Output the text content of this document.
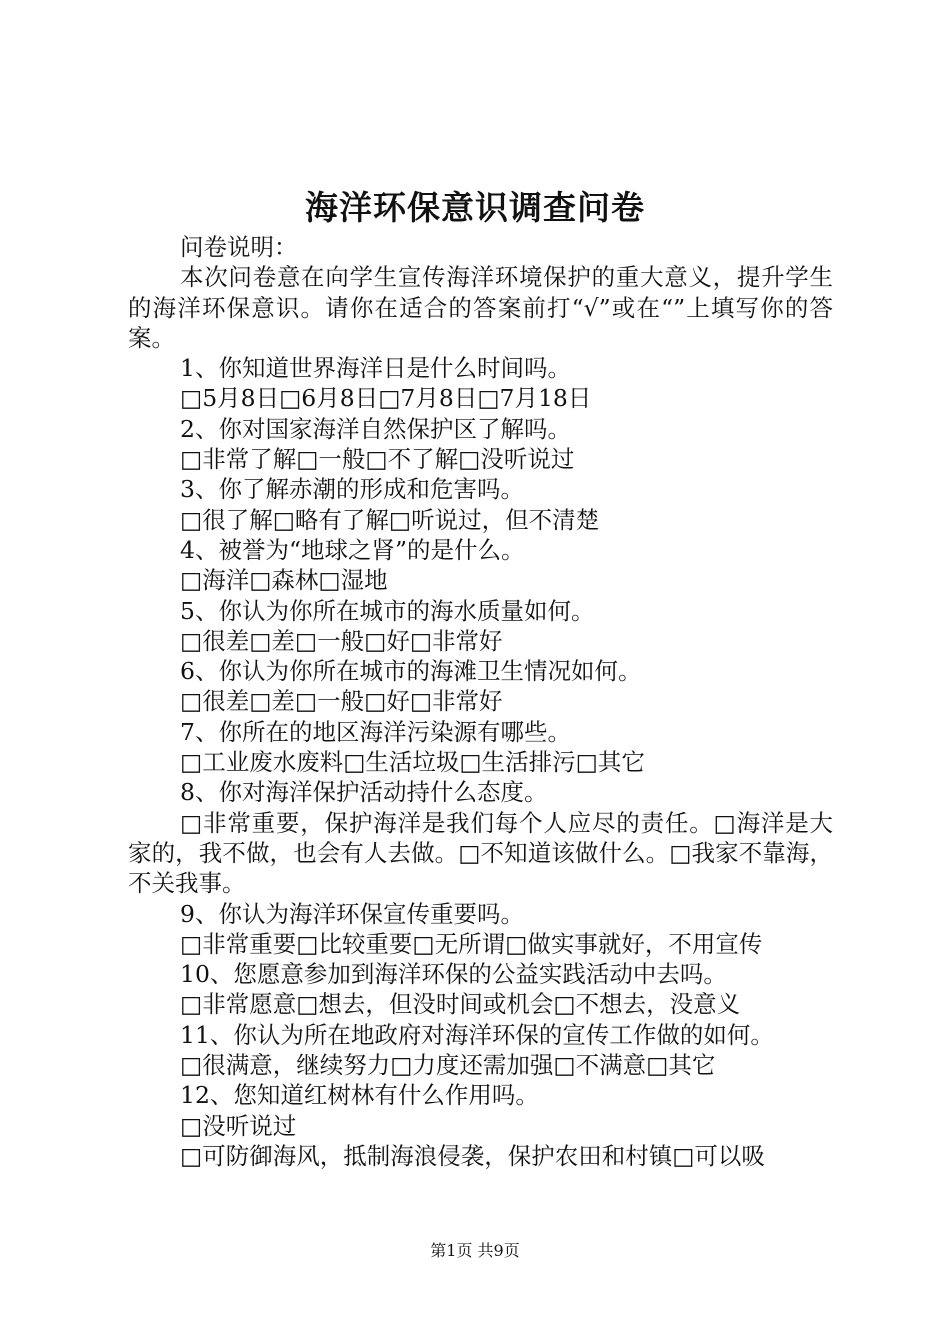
海洋环保意识调查问卷
问卷说明：
本次问卷意在向学生宣传海洋环境保护的重大意义，提升学生的海洋环保意识。请你在适合的答案前打“√”或在“”上填写你的答案。
1、你知道世界海洋日是什么时间吗。
□5月8日□6月8日□7月8日□7月18日
2、你对国家海洋自然保护区了解吗。
□非常了解□一般□不了解□没听说过
3、你了解赤潮的形成和危害吗。
□很了解□略有了解□听说过，但不清楚
4、被誉为“地球之肾”的是什么。
□海洋□森林□湿地
5、你认为你所在城市的海水质量如何。
□很差□差□一般□好□非常好
6、你认为你所在城市的海滩卫生情况如何。
□很差□差□一般□好□非常好
7、你所在的地区海洋污染源有哪些。
□工业废水废料□生活垃圾□生活排污□其它
8、你对海洋保护活动持什么态度。
□非常重要，保护海洋是我们每个人应尽的责任。□海洋是大家的，我不做，也会有人去做。□不知道该做什么。□我家不靠海，不关我事。
9、你认为海洋环保宣传重要吗。
□非常重要□比较重要□无所谓□做实事就好，不用宣传
10、您愿意参加到海洋环保的公益实践活动中去吗。
□非常愿意□想去，但没时间或机会□不想去，没意义
11、你认为所在地政府对海洋环保的宣传工作做的如何。
□很满意，继续努力□力度还需加强□不满意□其它
12、您知道红树林有什么作用吗。
□没听说过
□可防御海风，抵制海浪侵袭，保护农田和村镇□可以吸
第1页 共9页
